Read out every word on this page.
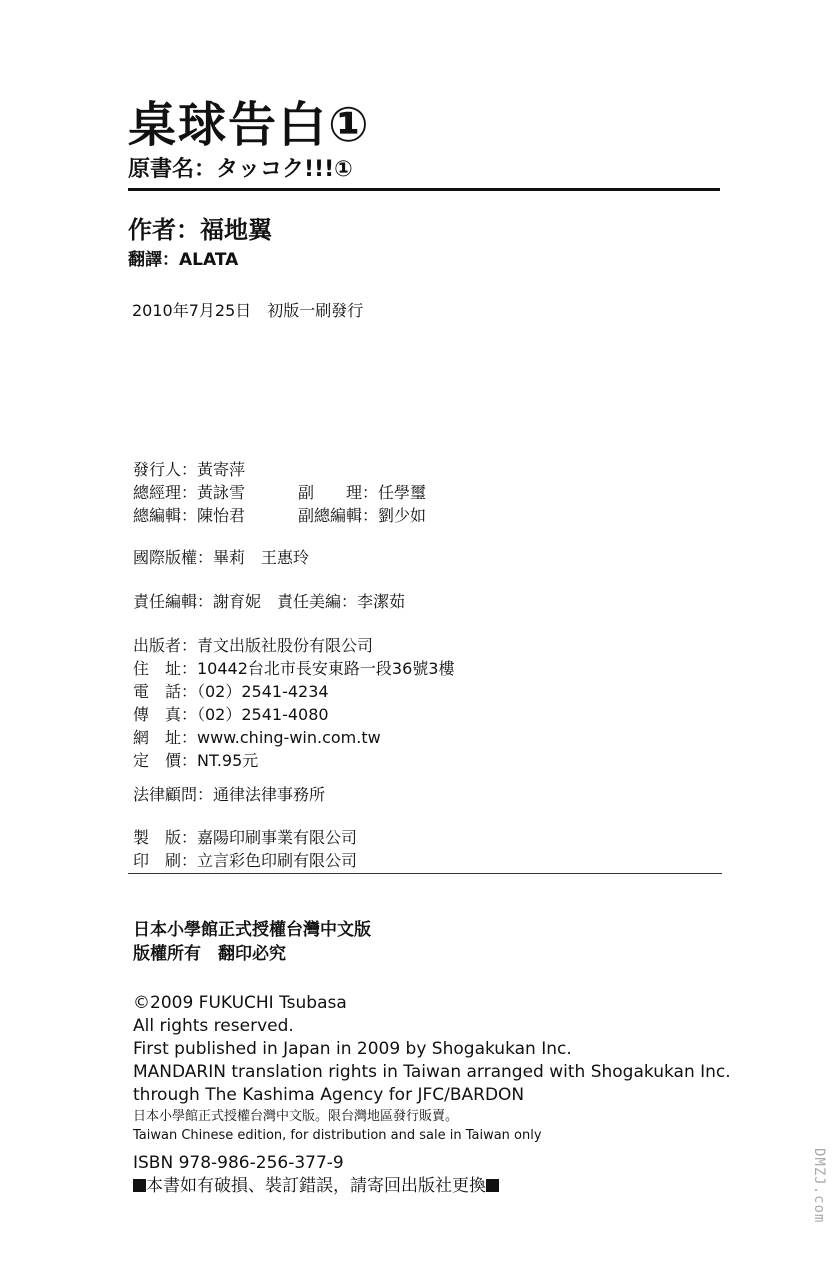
桌球告白①
原書名：タッコク!!!①
作者：福地翼
翻譯：ALATA
2010年7月25日　初版一刷發行
發行人：黃寄萍
總經理：黃詠雪	副　　理：任學璽
總編輯：陳怡君	副總編輯：劉少如
國際版權：畢莉　王惠玲
責任編輯：謝育妮　責任美編：李潔茹
出版者：青文出版社股份有限公司
住　址：10442台北市長安東路一段36號3樓
電　話：（02）2541-4234
傳　真：（02）2541-4080
網　址：www.ching-win.com.tw
定　價：NT.95元
法律顧問：通律法律事務所
製　版：嘉陽印刷事業有限公司
印　刷：立言彩色印刷有限公司
日本小學館正式授權台灣中文版
版權所有　翻印必究
©2009 FUKUCHI Tsubasa
All rights reserved.
First published in Japan in 2009 by Shogakukan Inc.
MANDARIN translation rights in Taiwan arranged with Shogakukan Inc.
through The Kashima Agency for JFC/BARDON
日本小學館正式授權台灣中文版。限台灣地區發行販賣。
Taiwan Chinese edition, for distribution and sale in Taiwan only
ISBN 978-986-256-377-9
本書如有破損、裝訂錯誤，請寄回出版社更換	DMZJ.com
